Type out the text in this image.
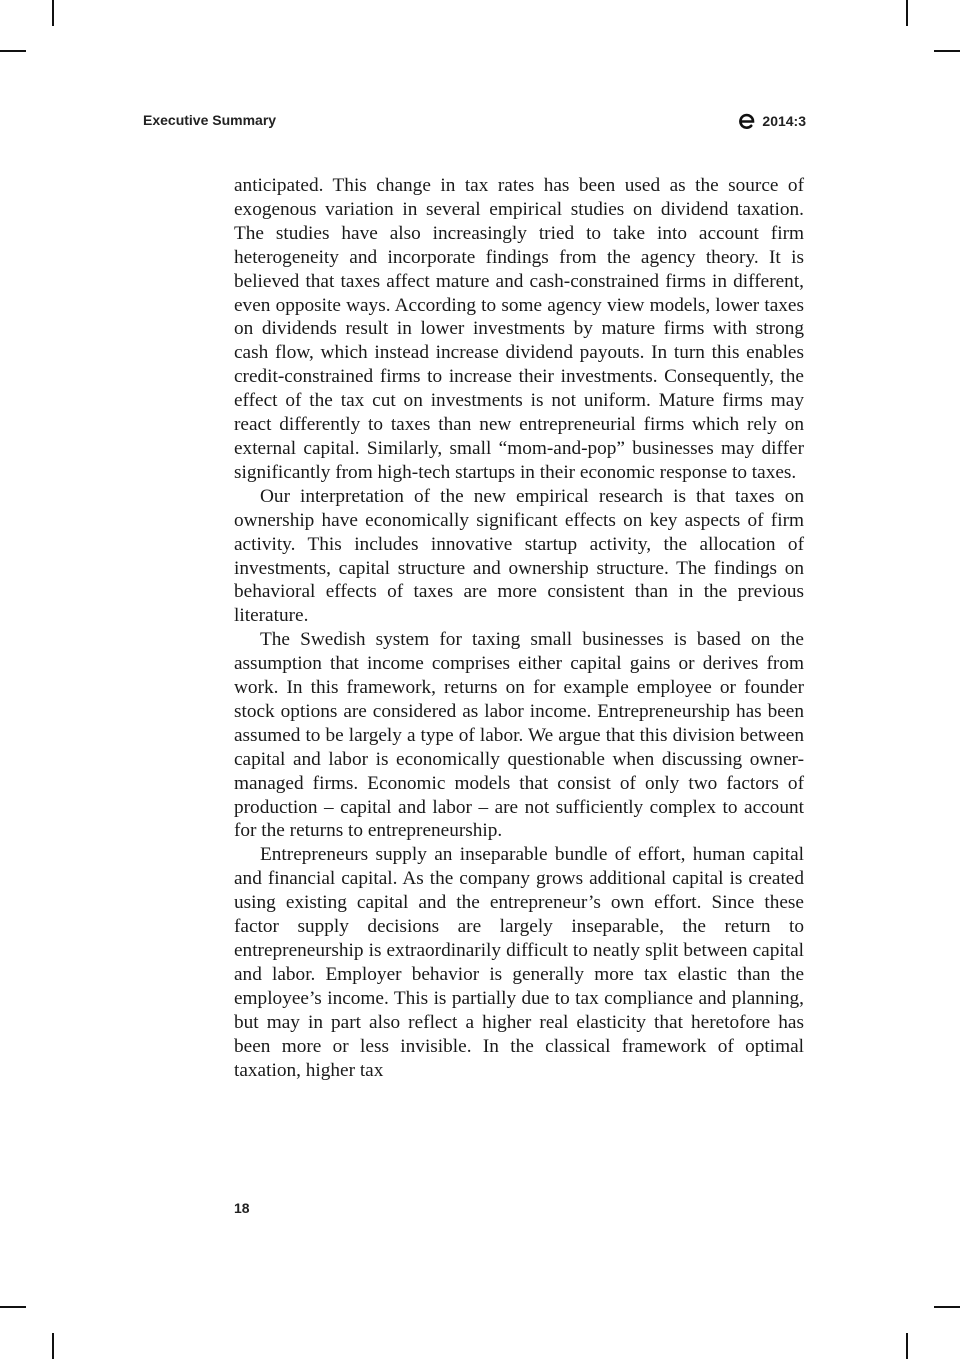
Executive Summary	2014:3

anticipated. This change in tax rates has been used as the source of exogenous variation in several empirical studies on dividend taxation. The studies have also increasingly tried to take into account firm heterogeneity and incorporate findings from the agency theory. It is believed that taxes affect mature and cash-constrained firms in different, even opposite ways. According to some agency view models, lower taxes on dividends result in lower investments by mature firms with strong cash flow, which instead increase dividend payouts. In turn this enables credit-constrained firms to increase their investments. Consequently, the effect of the tax cut on investments is not uniform. Mature firms may react differently to taxes than new entrepreneurial firms which rely on external capital. Similarly, small “mom-and-pop” businesses may differ significantly from high-tech startups in their economic response to taxes.

Our interpretation of the new empirical research is that taxes on ownership have economically significant effects on key aspects of firm activity. This includes innovative startup activity, the allocation of investments, capital structure and ownership structure. The findings on behavioral effects of taxes are more consistent than in the previous literature.

The Swedish system for taxing small businesses is based on the assumption that income comprises either capital gains or derives from work. In this framework, returns on for example employee or founder stock options are considered as labor income. Entrepreneurship has been assumed to be largely a type of labor. We argue that this division between capital and labor is economically questionable when discussing owner-managed firms. Economic models that consist of only two factors of production – capital and labor – are not sufficiently complex to account for the returns to entrepreneurship.

Entrepreneurs supply an inseparable bundle of effort, human capital and financial capital. As the company grows additional capital is created using existing capital and the entrepreneur’s own effort. Since these factor supply decisions are largely inseparable, the return to entrepreneurship is extraordinarily difficult to neatly split between capital and labor. Employer behavior is generally more tax elastic than the employee’s income. This is partially due to tax compliance and planning, but may in part also reflect a higher real elasticity that heretofore has been more or less invisible. In the classical framework of optimal taxation, higher tax

18
